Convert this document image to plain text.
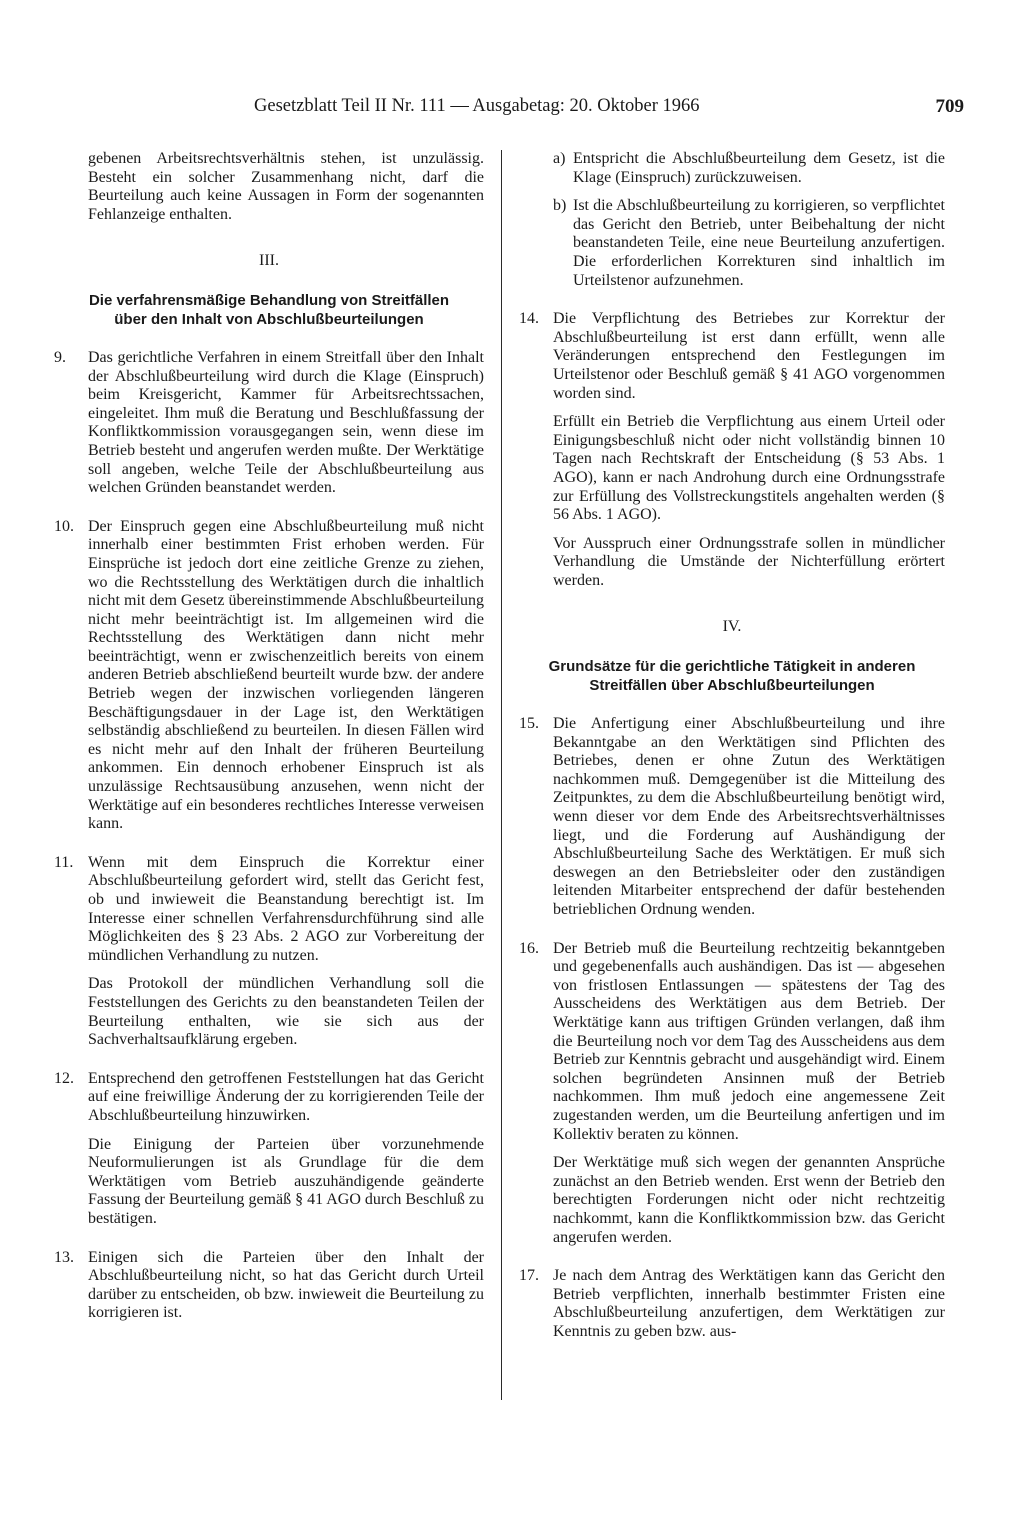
Gesetzblatt Teil II Nr. 111 — Ausgabetag: 20. Oktober 1966	709

gebenen Arbeitsrechtsverhältnis stehen, ist unzulässig. Besteht ein solcher Zusammenhang nicht, darf die Beurteilung auch keine Aussagen in Form der sogenannten Fehlanzeige enthalten.

III.

Die verfahrensmäßige Behandlung von Streitfällen

über den Inhalt von Abschlußbeurteilungen

9.	Das gerichtliche Verfahren in einem Streitfall über den Inhalt der Abschlußbeurteilung wird durch die Klage (Einspruch) beim Kreisgericht, Kammer für Arbeitsrechtssachen, eingeleitet. Ihm muß die Beratung und Beschlußfassung der Konfliktkommission vorausgegangen sein, wenn diese im Betrieb besteht und angerufen werden mußte. Der Werktätige soll angeben, welche Teile der Abschlußbeurteilung aus welchen Gründen beanstandet werden.

10. Der Einspruch gegen eine Abschlußbeurteilung muß nicht innerhalb einer bestimmten Frist erhoben werden. Für Einsprüche ist jedoch dort eine zeitliche Grenze zu ziehen, wo die Rechtsstellung des Werktätigen durch die inhaltlich nicht mit dem Gesetz übereinstimmende Abschlußbeurteilung nicht mehr beeinträchtigt ist. Im allgemeinen wird die Rechtsstellung des Werktätigen dann nicht mehr beeinträchtigt, wenn er zwischenzeitlich bereits von einem anderen Betrieb abschließend beurteilt wurde bzw. der andere Betrieb wegen der inzwischen vorliegenden längeren Beschäftigungsdauer in der Lage ist, den Werktätigen selbständig abschließend zu beurteilen. In diesen Fällen wird es nicht mehr auf den Inhalt der früheren Beurteilung ankommen. Ein dennoch erhobener Einspruch ist als unzulässige Rechtsausübung anzusehen, wenn nicht der Werktätige auf ein besonderes rechtliches Interesse verweisen kann.

11. Wenn mit dem Einspruch die Korrektur einer Abschlußbeurteilung gefordert wird, stellt das Gericht fest, ob und inwieweit die Beanstandung berechtigt ist. Im Interesse einer schnellen Verfahrensdurchführung sind alle Möglichkeiten des § 23 Abs. 2 AGO zur Vorbereitung der mündlichen Verhandlung zu nutzen.

Das Protokoll der mündlichen Verhandlung soll die Feststellungen des Gerichts zu den beanstandeten Teilen der Beurteilung enthalten, wie sie sich aus der Sachverhaltsaufklärung ergeben.

12. Entsprechend den getroffenen Feststellungen hat das Gericht auf eine freiwillige Änderung der zu korrigierenden Teile der Abschlußbeurteilung hinzuwirken.

Die Einigung der Parteien über vorzunehmende Neuformulierungen ist als Grundlage für die dem Werktätigen vom Betrieb auszuhändigende geänderte Fassung der Beurteilung gemäß § 41 AGO durch Beschluß zu bestätigen.

13. Einigen sich die Parteien über den Inhalt der Abschlußbeurteilung nicht, so hat das Gericht durch Urteil darüber zu entscheiden, ob bzw. inwieweit die Beurteilung zu korrigieren ist.

a) Entspricht die Abschlußbeurteilung dem Gesetz, ist die Klage (Einspruch) zurückzuweisen.

b) Ist die Abschlußbeurteilung zu korrigieren, so verpflichtet das Gericht den Betrieb, unter Beibehaltung der nicht beanstandeten Teile, eine neue Beurteilung anzufertigen. Die erforderlichen Korrekturen sind inhaltlich im Urteilstenor aufzunehmen.

14. Die Verpflichtung des Betriebes zur Korrektur der Abschlußbeurteilung ist erst dann erfüllt, wenn alle Veränderungen entsprechend den Festlegungen im Urteilstenor oder Beschluß gemäß § 41 AGO vorgenommen worden sind.

Erfüllt ein Betrieb die Verpflichtung aus einem Urteil oder Einigungsbeschluß nicht oder nicht vollständig binnen 10 Tagen nach Rechtskraft der Entscheidung (§ 53 Abs. 1 AGO), kann er nach Androhung durch eine Ordnungsstrafe zur Erfüllung des Vollstreckungstitels angehalten werden (§ 56 Abs. 1 AGO).

Vor Ausspruch einer Ordnungsstrafe sollen in mündlicher Verhandlung die Umstände der Nichterfüllung erörtert werden.

IV.

Grundsätze für die gerichtliche Tätigkeit in anderen

Streitfällen über Abschlußbeurteilungen

15. Die Anfertigung einer Abschlußbeurteilung und ihre Bekanntgabe an den Werktätigen sind Pflichten des Betriebes, denen er ohne Zutun des Werktätigen nachkommen muß. Demgegenüber ist die Mitteilung des Zeitpunktes, zu dem die Abschlußbeurteilung benötigt wird, wenn dieser vor dem Ende des Arbeitsrechtsverhältnisses liegt, und die Forderung auf Aushändigung der Abschlußbeurteilung Sache des Werktätigen. Er muß sich deswegen an den Betriebsleiter oder den zuständigen leitenden Mitarbeiter entsprechend der dafür bestehenden betrieblichen Ordnung wenden.

16. Der Betrieb muß die Beurteilung rechtzeitig bekanntgeben und gegebenenfalls auch aushändigen. Das ist — abgesehen von fristlosen Entlassungen — spätestens der Tag des Ausscheidens des Werktätigen aus dem Betrieb. Der Werktätige kann aus triftigen Gründen verlangen, daß ihm die Beurteilung noch vor dem Tag des Ausscheidens aus dem Betrieb zur Kenntnis gebracht und ausgehändigt wird. Einem solchen begründeten Ansinnen muß der Betrieb nachkommen. Ihm muß jedoch eine angemessene Zeit zugestanden werden, um die Beurteilung anfertigen und im Kollektiv beraten zu können.

Der Werktätige muß sich wegen der genannten Ansprüche zunächst an den Betrieb wenden. Erst wenn der Betrieb den berechtigten Forderungen nicht oder nicht rechtzeitig nachkommt, kann die Konfliktkommission bzw. das Gericht angerufen werden.

17. Je nach dem Antrag des Werktätigen kann das Gericht den Betrieb verpflichten, innerhalb bestimmter Fristen eine Abschlußbeurteilung anzufertigen, dem Werktätigen zur Kenntnis zu geben bzw. aus-
